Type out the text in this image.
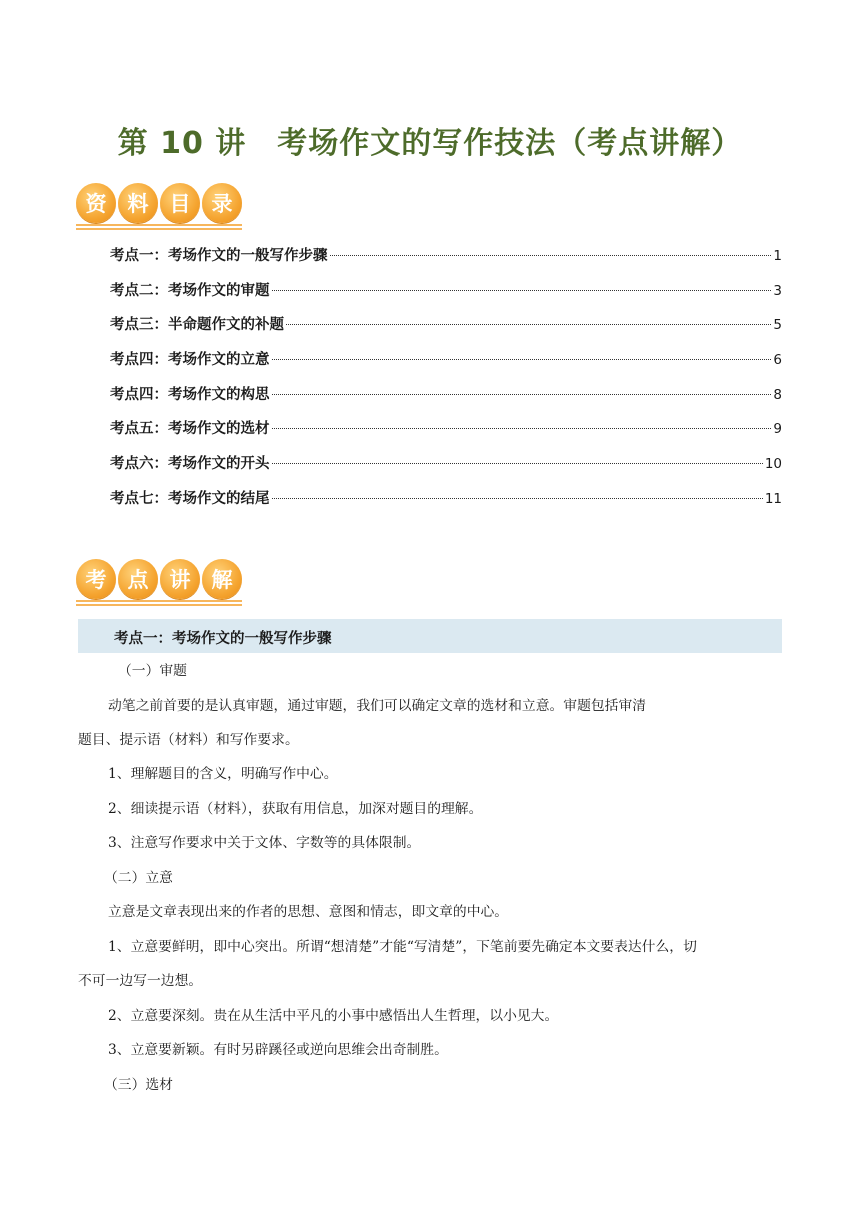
第 10 讲　考场作文的写作技法（考点讲解）
资	料	目	录
考点一：考场作文的一般写作步骤	1
考点二：考场作文的审题	3
考点三：半命题作文的补题	5
考点四：考场作文的立意	6
考点四：考场作文的构思	8
考点五：考场作文的选材	9
考点六：考场作文的开头	10
考点七：考场作文的结尾	11
考	点	讲	解
考点一：考场作文的一般写作步骤
（一）审题
动笔之前首要的是认真审题，通过审题，我们可以确定文章的选材和立意。审题包括审清
题目、提示语（材料）和写作要求。
1、理解题目的含义，明确写作中心。
2、细读提示语（材料），获取有用信息，加深对题目的理解。
3、注意写作要求中关于文体、字数等的具体限制。
（二）立意
立意是文章表现出来的作者的思想、意图和情志，即文章的中心。
1、立意要鲜明，即中心突出。所谓“想清楚”才能“写清楚”，下笔前要先确定本文要表达什么，切
不可一边写一边想。
2、立意要深刻。贵在从生活中平凡的小事中感悟出人生哲理，以小见大。
3、立意要新颖。有时另辟蹊径或逆向思维会出奇制胜。
（三）选材
